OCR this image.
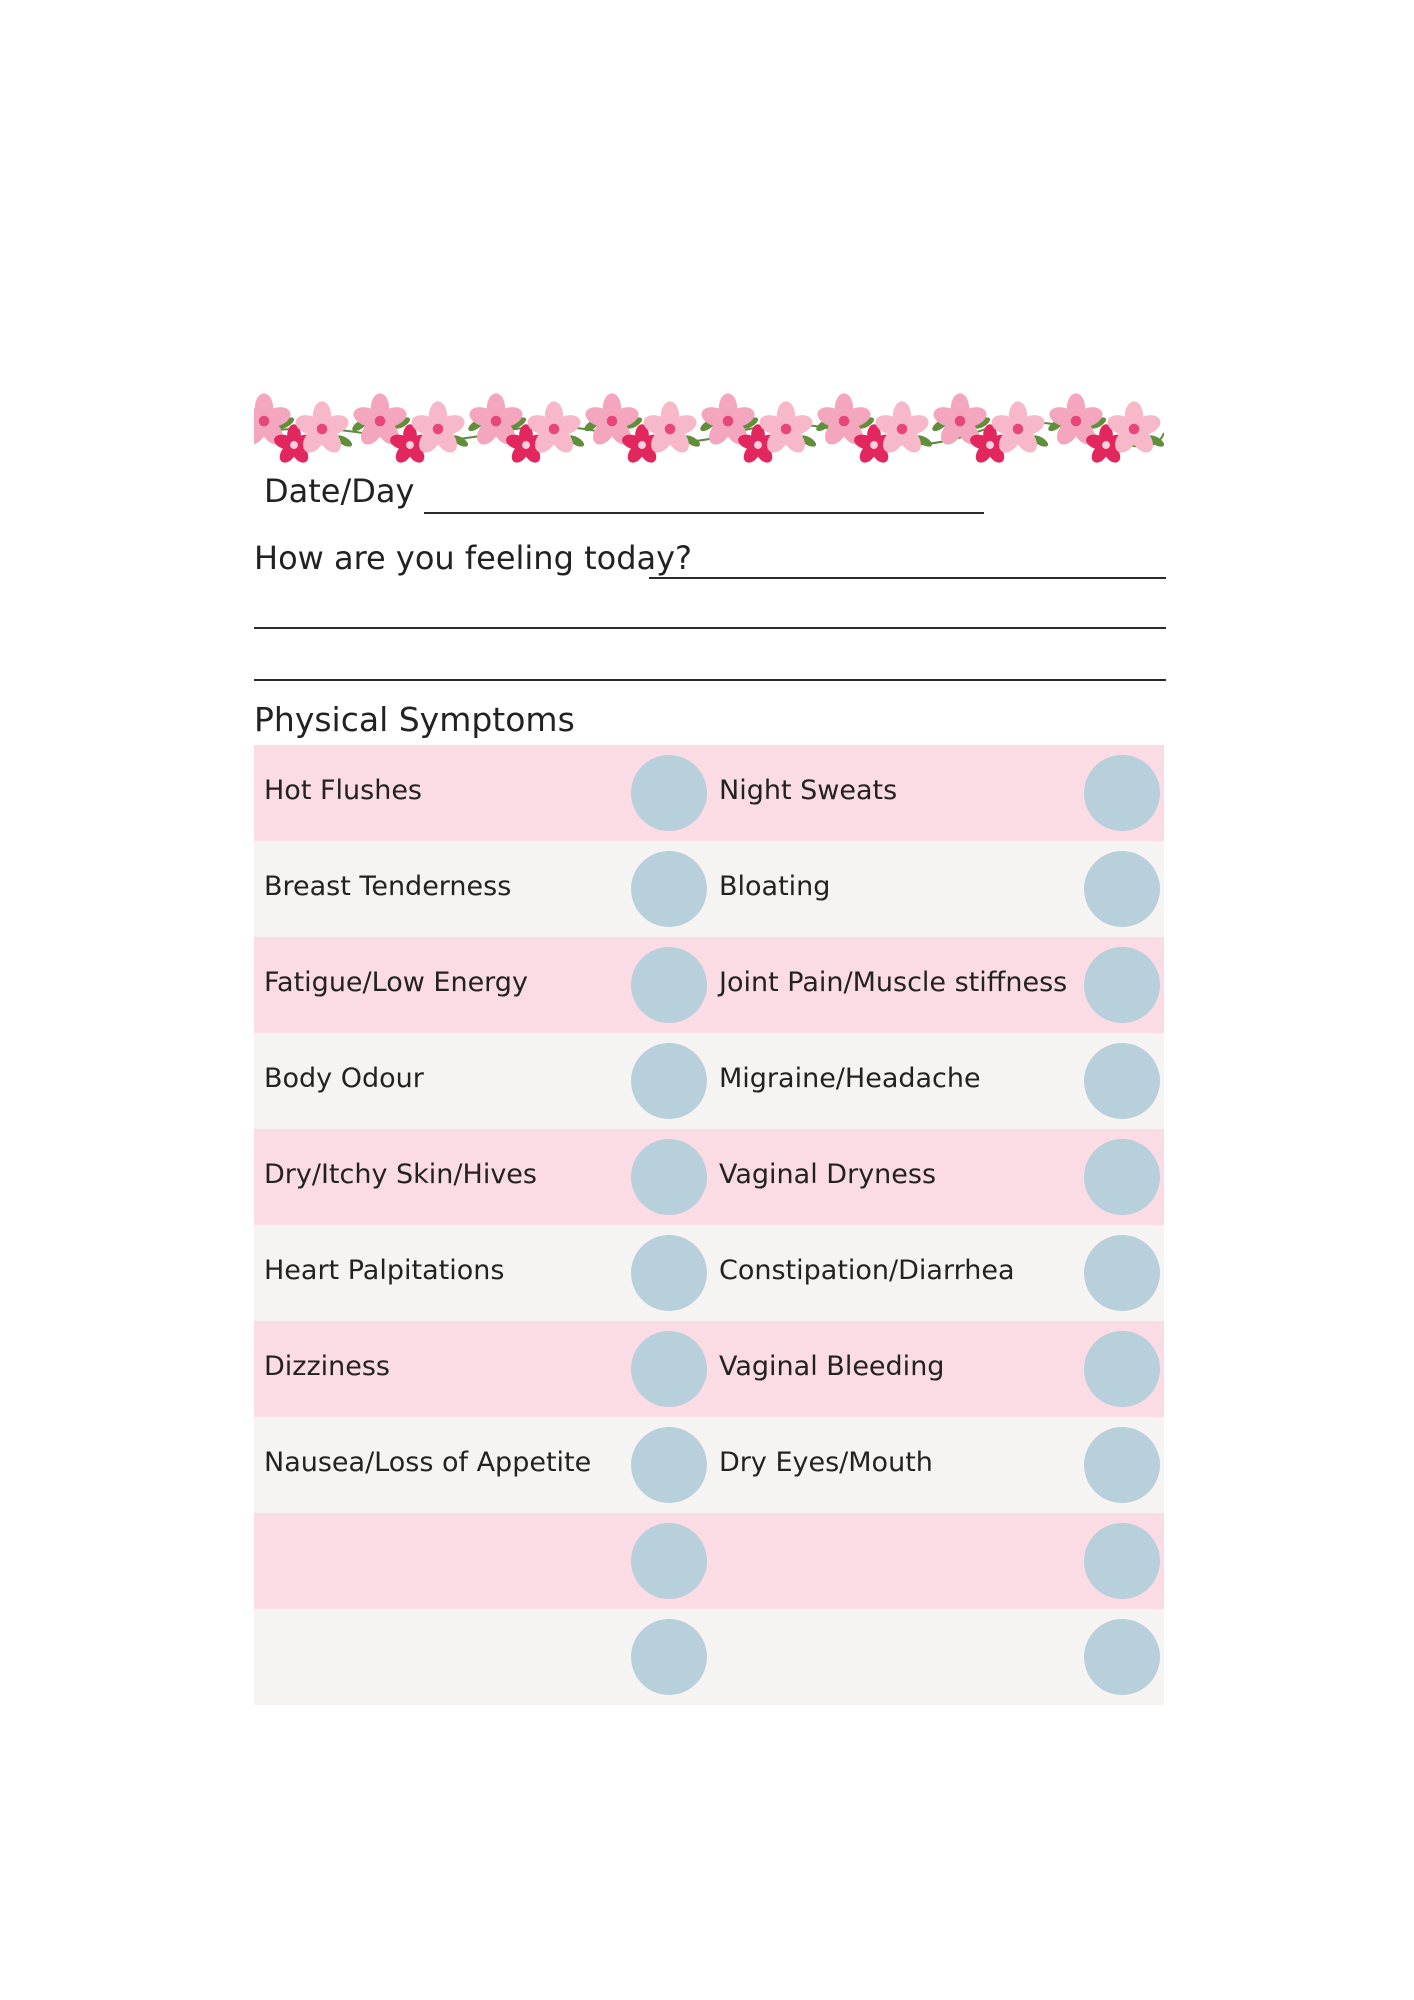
Date/Day
How are you feeling today?
Physical Symptoms
Hot Flushes	Night Sweats
Breast Tenderness	Bloating
Fatigue/Low Energy	Joint Pain/Muscle stiffness
Body Odour	Migraine/Headache
Dry/Itchy Skin/Hives	Vaginal Dryness
Heart Palpitations	Constipation/Diarrhea
Dizziness	Vaginal Bleeding
Nausea/Loss of Appetite	Dry Eyes/Mouth
